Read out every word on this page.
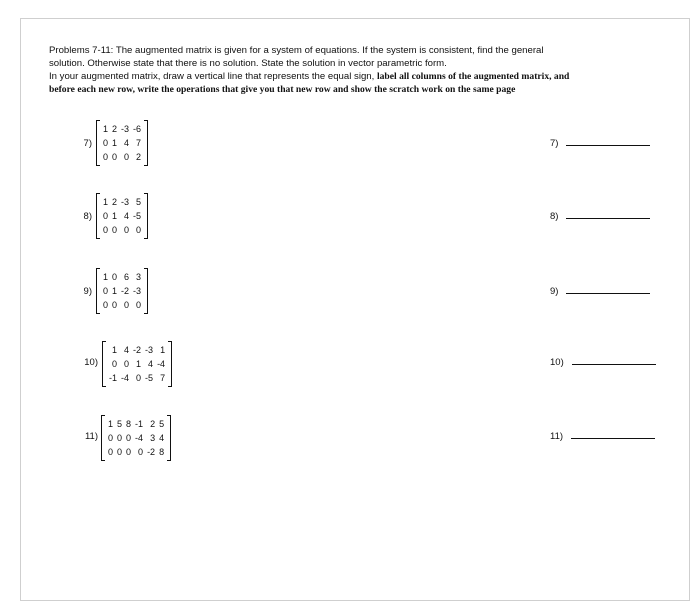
Problems 7-11: The augmented matrix is given for a system of equations. If the system is consistent, find the general
solution. Otherwise state that there is no solution. State the solution in vector parametric form.
In your augmented matrix, draw a vertical line that represents the equal sign, label all columns of the augmented matrix, and
before each new row, write the operations that give you that new row and show the scratch work on the same page
7)
1	2	-3	-6
0	1	4	7
0	0	0	2
7)
8)
1	2	-3	5
0	1	4	-5
0	0	0	0
8)
9)
1	0	6	3
0	1	-2	-3
0	0	0	0
9)
10)
1	4	-2	-3	1
0	0	1	4	-4
-1	-4	0	-5	7
10)
11)
1	5	8	-1	2	5
0	0	0	-4	3	4
0	0	0	0	-2	8
11)
